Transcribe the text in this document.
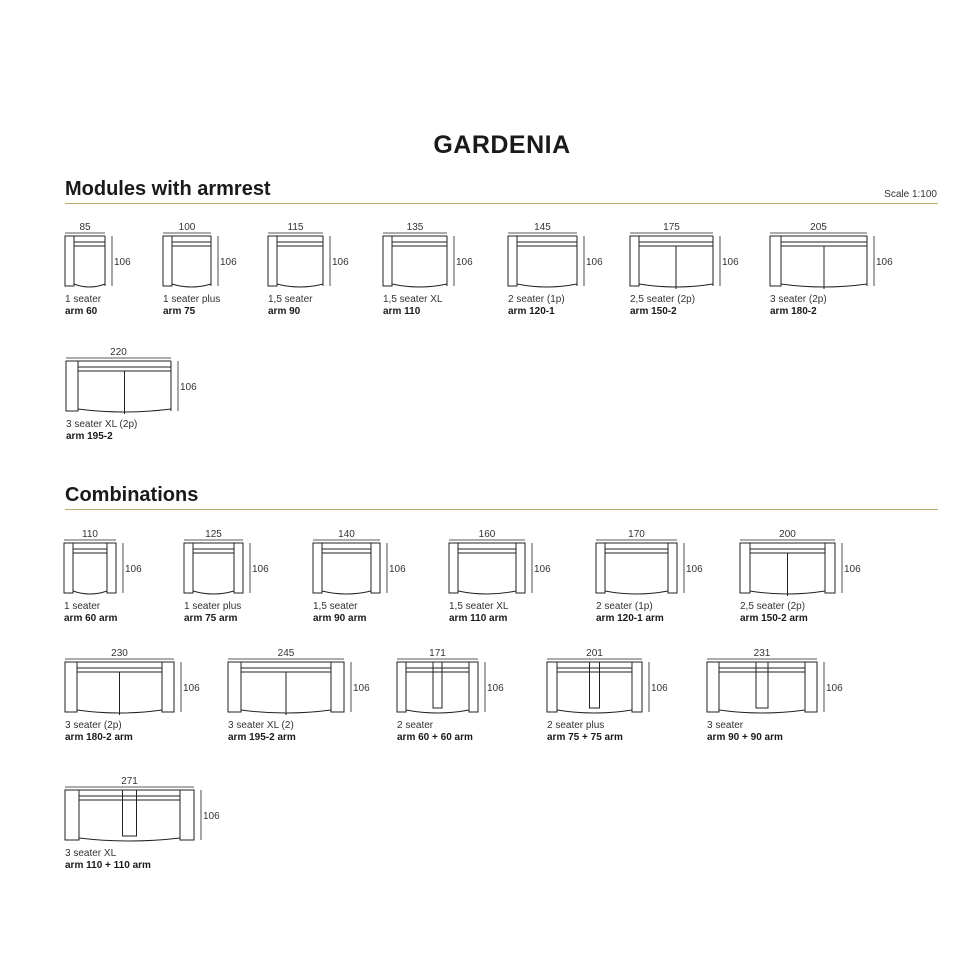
GARDENIA
Modules with armrest	Scale 1:100
Combinations
85
106
1 seater
arm 60
100
106
1 seater plus
arm 75
115
106
1,5 seater
arm 90
135
106
1,5 seater XL
arm 110
145
106
2 seater (1p)
arm 120-1
175
106
2,5 seater (2p)
arm 150-2
205
106
3 seater (2p)
arm 180-2
220
106
3 seater XL (2p)
arm 195-2
110
106
1 seater
arm 60 arm
125
106
1 seater plus
arm 75 arm
140
106
1,5 seater
arm 90 arm
160
106
1,5 seater XL
arm 110 arm
170
106
2 seater (1p)
arm 120-1 arm
200
106
2,5 seater (2p)
arm 150-2 arm
230
106
3 seater (2p)
arm 180-2 arm
245
106
3 seater XL (2)
arm 195-2 arm
171
106
2 seater
arm 60 + 60 arm
201
106
2 seater plus
arm 75 + 75 arm
231
106
3 seater
arm 90 + 90 arm
271
106
3 seater XL
arm 110 + 110 arm
